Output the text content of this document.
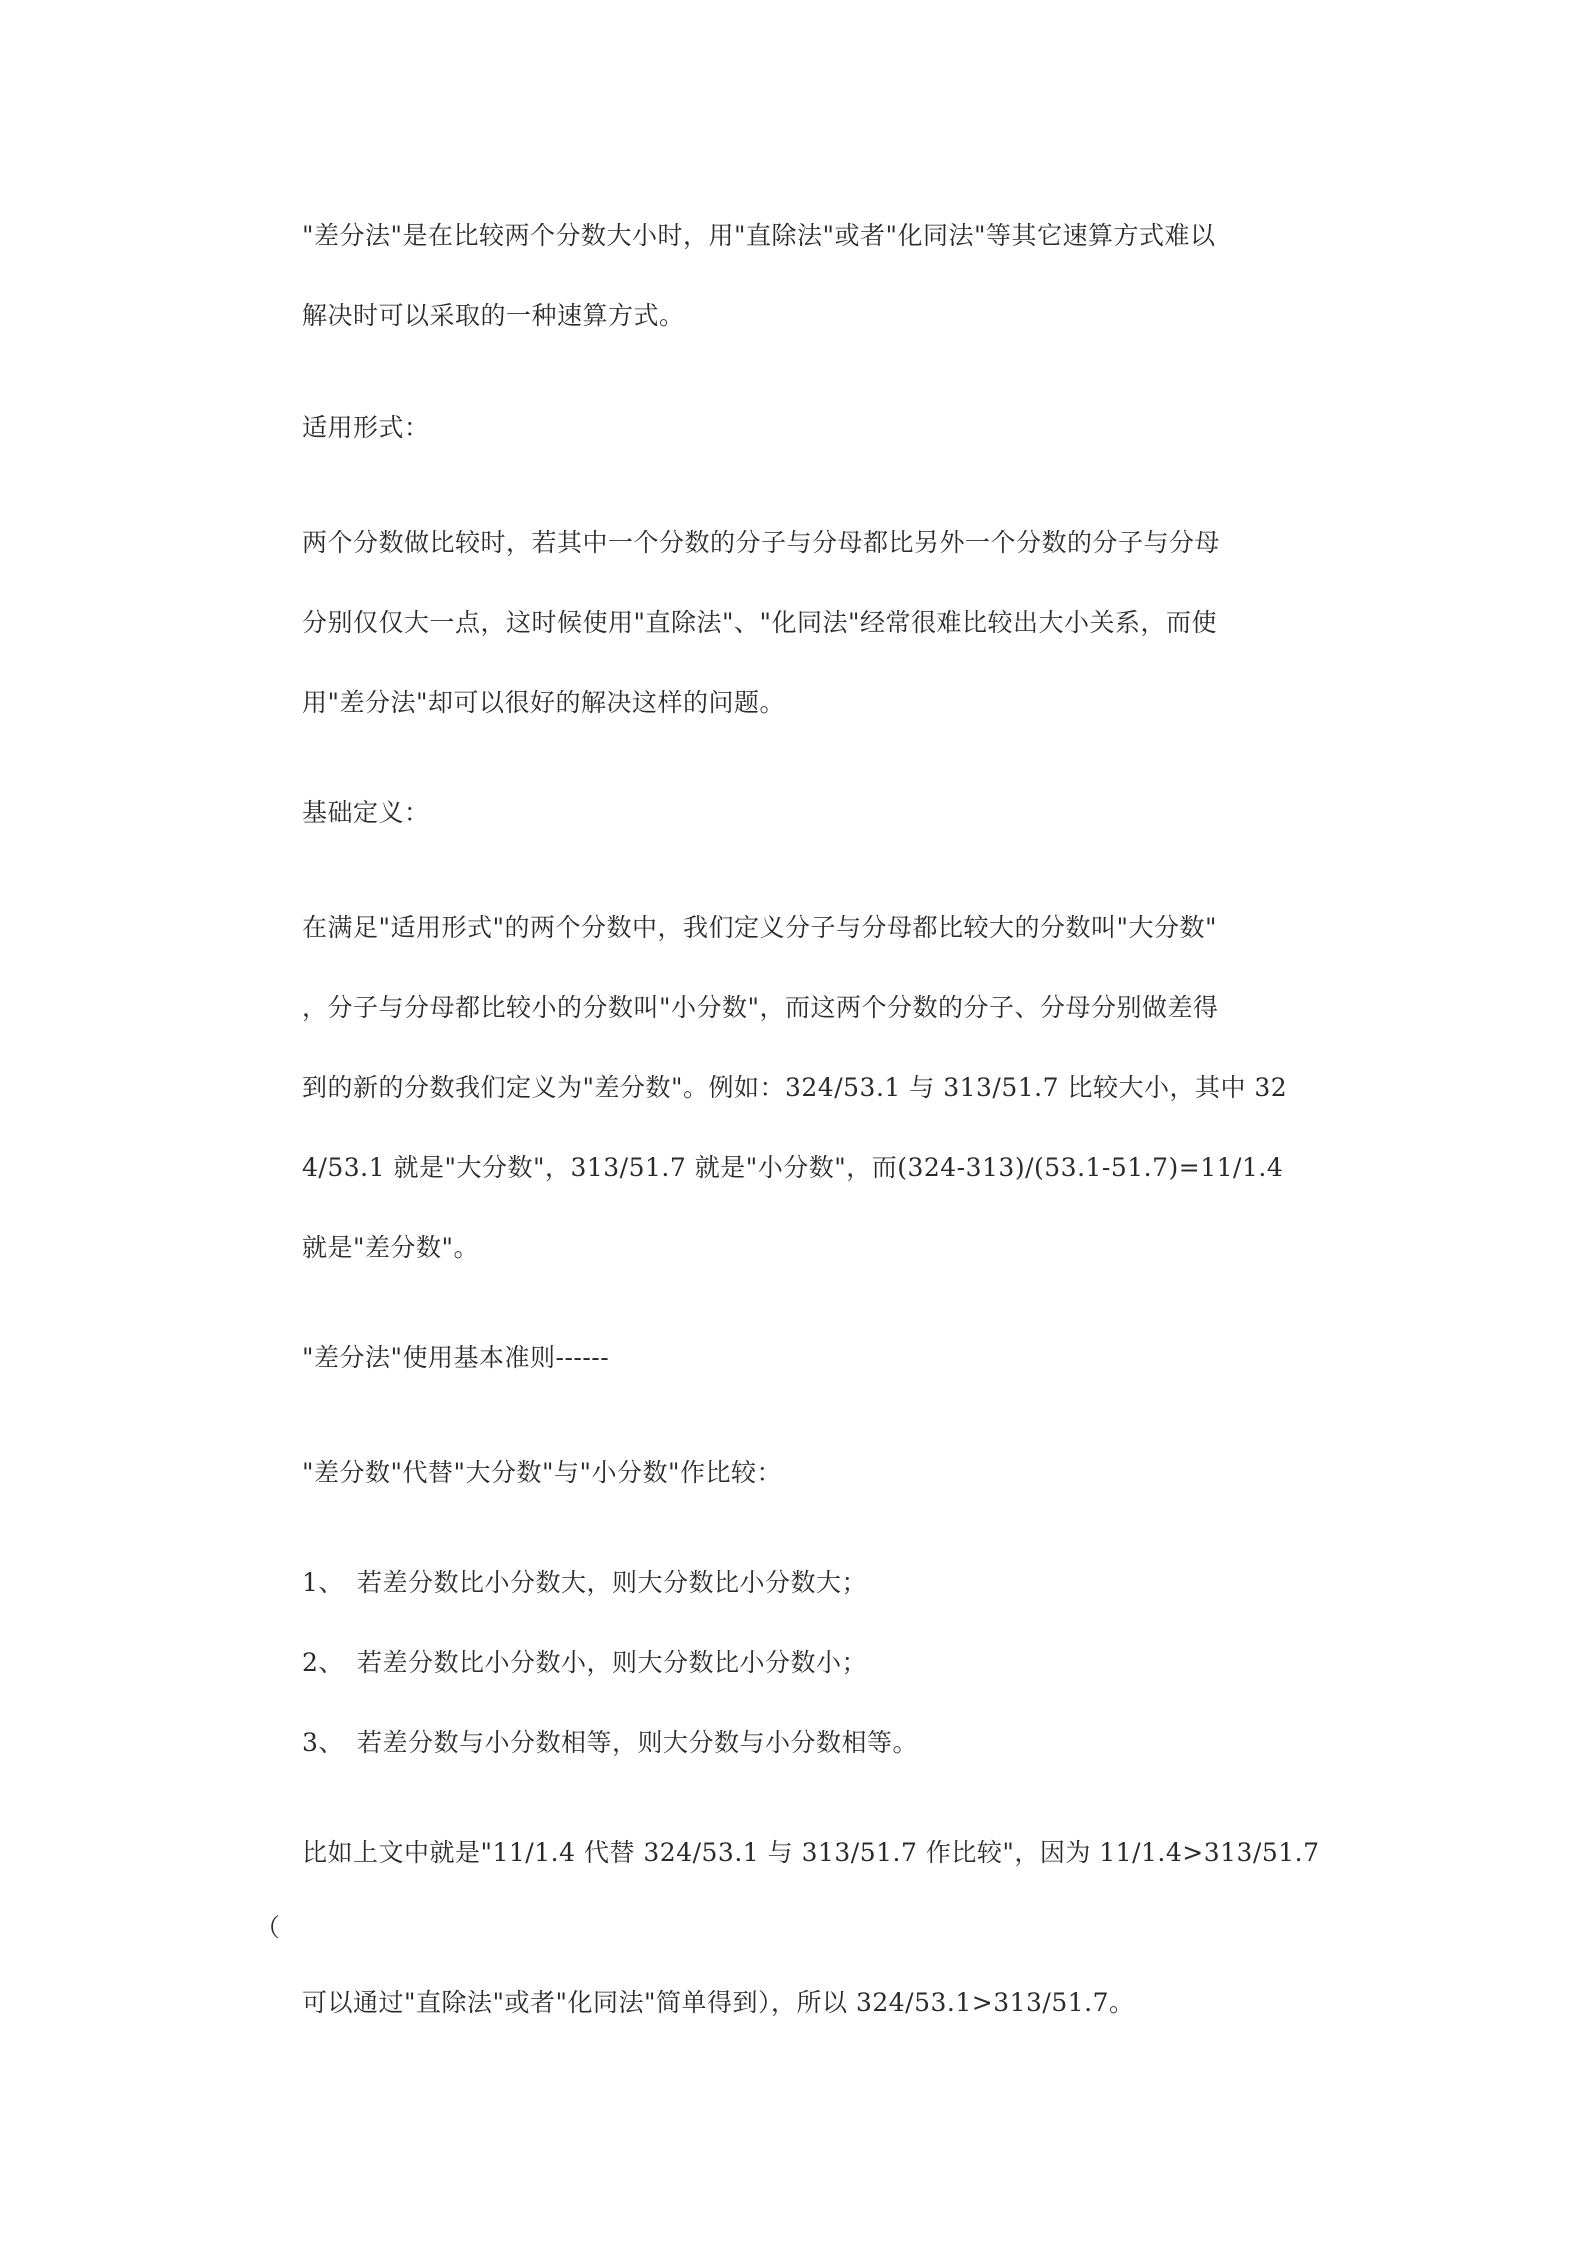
"差分法"是在比较两个分数大小时，用"直除法"或者"化同法"等其它速算方式难以
解决时可以采取的一种速算方式。
适用形式：
两个分数做比较时，若其中一个分数的分子与分母都比另外一个分数的分子与分母
分别仅仅大一点，这时候使用"直除法"、"化同法"经常很难比较出大小关系，而使
用"差分法"却可以很好的解决这样的问题。
基础定义：
在满足"适用形式"的两个分数中，我们定义分子与分母都比较大的分数叫"大分数"
，分子与分母都比较小的分数叫"小分数"，而这两个分数的分子、分母分别做差得
到的新的分数我们定义为"差分数"。例如：324/53.1 与 313/51.7 比较大小，其中 32
4/53.1 就是"大分数"，313/51.7 就是"小分数"，而(324-313)/(53.1-51.7)=11/1.4
就是"差分数"。
"差分法"使用基本准则------
"差分数"代替"大分数"与"小分数"作比较：
1、 若差分数比小分数大，则大分数比小分数大；
2、 若差分数比小分数小，则大分数比小分数小；
3、 若差分数与小分数相等，则大分数与小分数相等。
比如上文中就是"11/1.4 代替 324/53.1 与 313/51.7 作比较"，因为 11/1.4>313/51.7
（
可以通过"直除法"或者"化同法"简单得到），所以 324/53.1>313/51.7。
